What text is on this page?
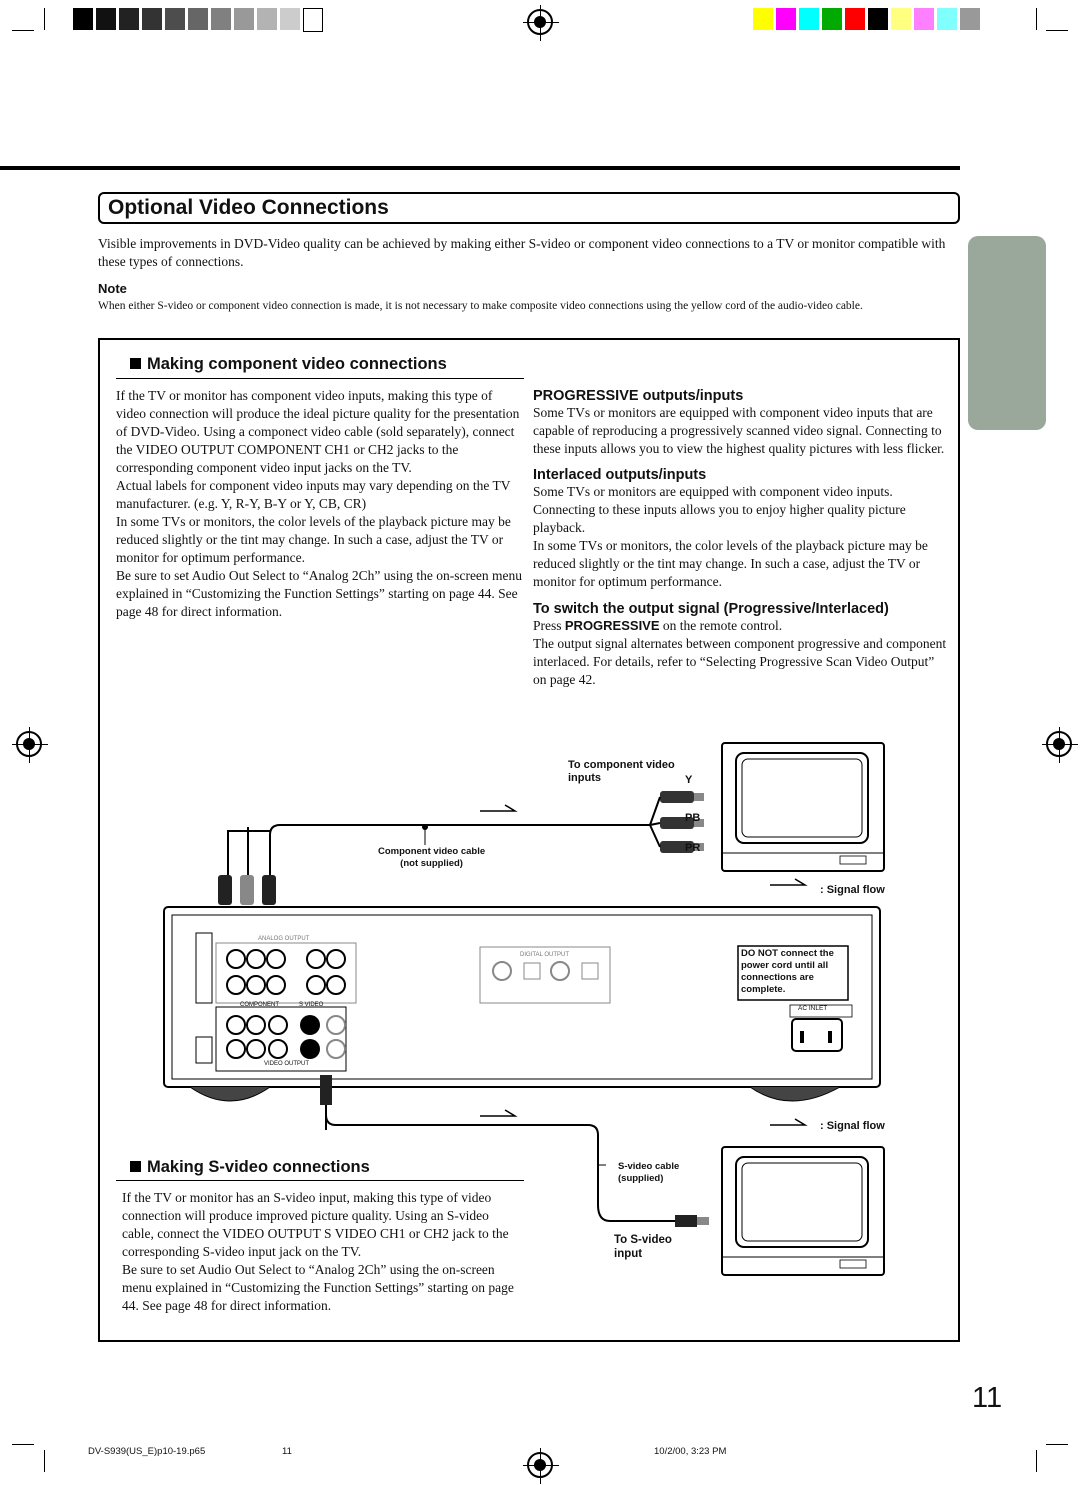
Optional Video Connections
Visible improvements in DVD-Video quality can be achieved by making either S-video or component video connections to a TV or monitor compatible with these types of connections.
Note
When either S-video or component video connection is made, it is not necessary to make composite video connections using the yellow cord of the audio-video cable.
Making component video connections
If the TV or monitor has component video inputs, making this type of video connection will produce the ideal picture quality for the presentation of DVD-Video. Using a componect video cable (sold separately), connect the VIDEO OUTPUT COMPONENT CH1 or CH2 jacks to the corresponding component video input jacks on the TV.
Actual labels for component video inputs may vary depending on the TV manufacturer. (e.g. Y, R-Y, B-Y or Y, CB, CR)
In some TVs or monitors, the color levels of the playback picture may be reduced slightly or the tint may change. In such a case, adjust the TV or monitor for optimum performance.
Be sure to set Audio Out Select to “Analog 2Ch” using the on-screen menu explained in “Customizing the Function Settings” starting on page 44. See page 48 for direct information.
PROGRESSIVE outputs/inputs
Some TVs or monitors are equipped with component video inputs that are capable of reproducing a progressively scanned video signal. Connecting to these inputs allows you to view the highest quality pictures with less flicker.
Interlaced outputs/inputs
Some TVs or monitors are equipped with component video inputs. Connecting to these inputs allows you to enjoy higher quality picture playback.
In some TVs or monitors, the color levels of the playback picture may be reduced slightly or the tint may change. In such a case, adjust the TV or monitor for optimum performance.
To switch the output signal (Progressive/Interlaced)
Press PROGRESSIVE on the remote control.
The output signal alternates between component progressive and component interlaced. For details, refer to “Selecting Progressive Scan Video Output” on page 42.
To component video
inputs	Y
PB
PR
Component video cable
(not supplied)
: Signal flow
: Signal flow
DO NOT connect the
power cord until all
connections are
complete.
AC INLET
ANALOG OUTPUT
DIGITAL OUTPUT
COMPONENT	S VIDEO
VIDEO OUTPUT
S-video cable
(supplied)
To S-video
input
Making S-video connections
If the TV or monitor has an S-video input, making this type of video connection will produce improved picture quality. Using an S-video cable, connect the VIDEO OUTPUT S VIDEO CH1 or CH2 jack to the corresponding S-video input jack on the TV.
Be sure to set Audio Out Select to “Analog 2Ch” using the on-screen menu explained in “Customizing the Function Settings” starting on page 44. See page 48 for direct information.
11
DV-S939(US_E)p10-19.p65	11	10/2/00, 3:23 PM
